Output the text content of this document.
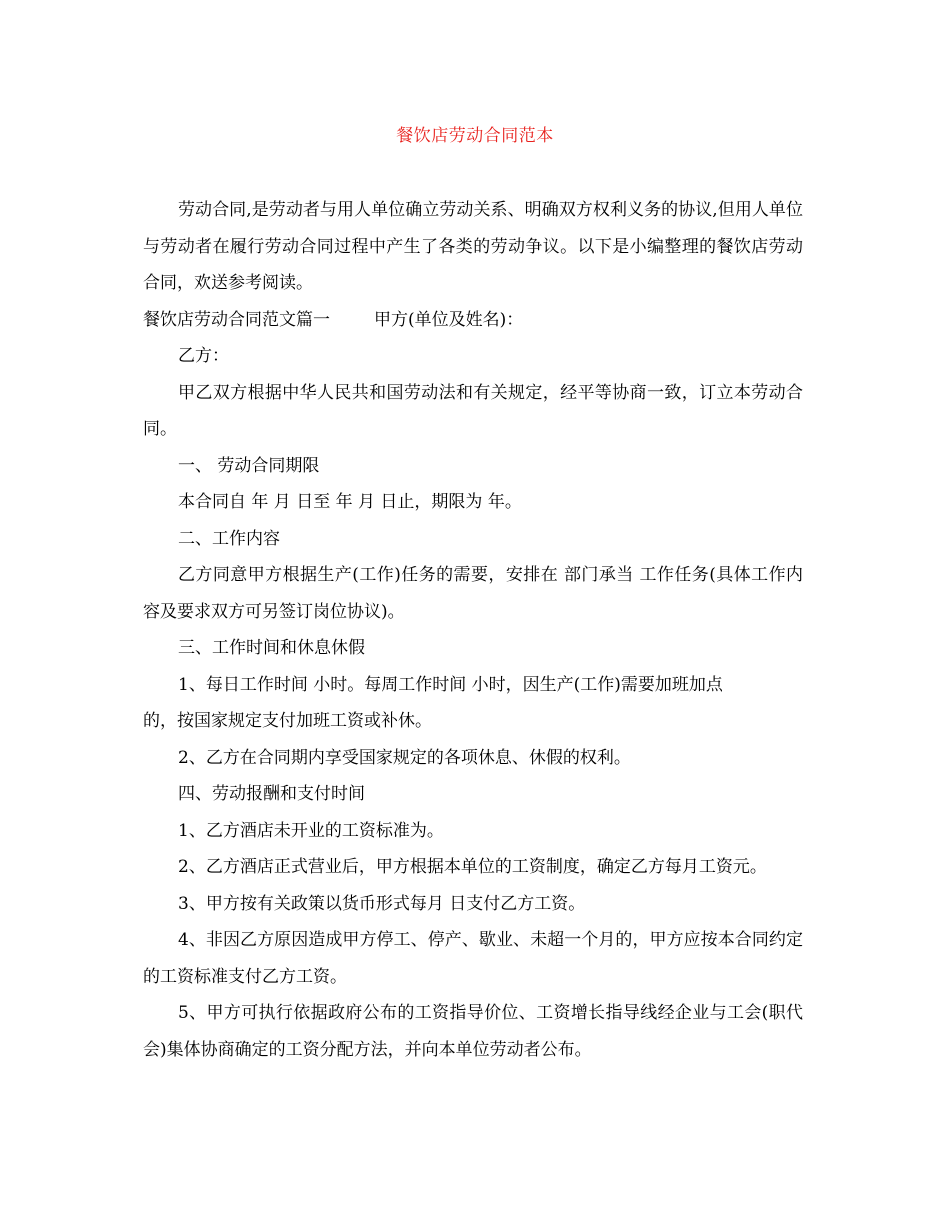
餐饮店劳动合同范本

劳动合同,是劳动者与用人单位确立劳动关系、明确双方权利义务的协议,但用人单位与劳动者在履行劳动合同过程中产生了各类的劳动争议。以下是小编整理的餐饮店劳动合同，欢送参考阅读。

餐饮店劳动合同范文篇一	甲方(单位及姓名)：

乙方：

甲乙双方根据中华人民共和国劳动法和有关规定，经平等协商一致，订立本劳动合同。

一、 劳动合同期限

本合同自 年 月 日至 年 月 日止，期限为 年。

二、工作内容

乙方同意甲方根据生产(工作)任务的需要，安排在 部门承当 工作任务(具体工作内容及要求双方可另签订岗位协议)。

三、工作时间和休息休假

1、每日工作时间 小时。每周工作时间 小时，因生产(工作)需要加班加点

的，按国家规定支付加班工资或补休。

2、乙方在合同期内享受国家规定的各项休息、休假的权利。

四、劳动报酬和支付时间

1、乙方酒店未开业的工资标准为。

2、乙方酒店正式营业后，甲方根据本单位的工资制度，确定乙方每月工资元。

3、甲方按有关政策以货币形式每月 日支付乙方工资。

4、非因乙方原因造成甲方停工、停产、歇业、未超一个月的，甲方应按本合同约定的工资标准支付乙方工资。

5、甲方可执行依据政府公布的工资指导价位、工资增长指导线经企业与工会(职代会)集体协商确定的工资分配方法，并向本单位劳动者公布。
